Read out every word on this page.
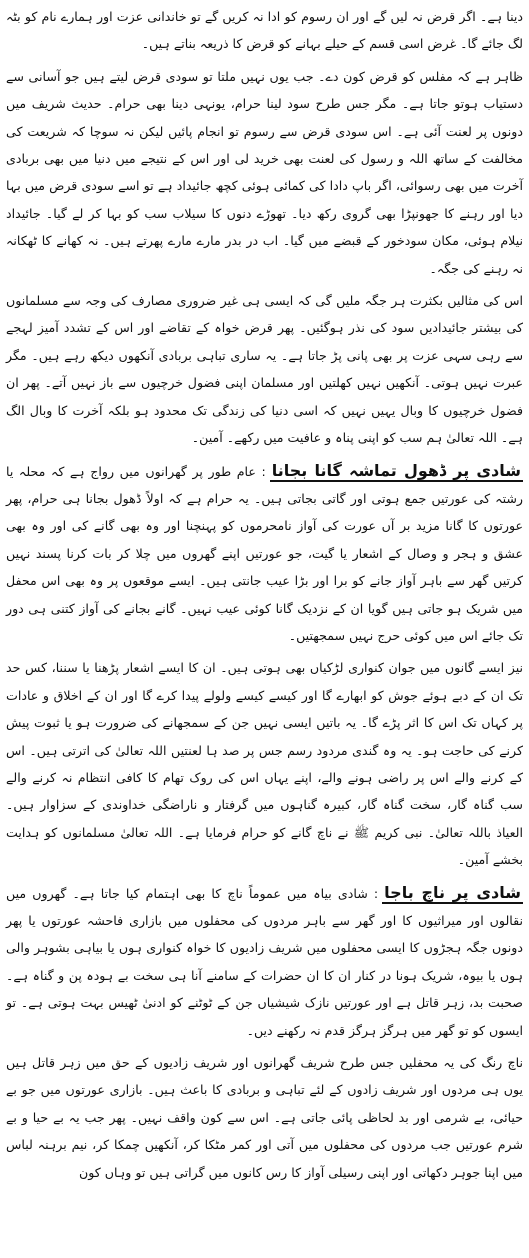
دینا ہے۔ اگر قرض نہ لیں گے اور ان رسوم کو ادا نہ کریں گے تو خاندانی عزت اور ہمارے نام کو بٹہ لگ جائے گا۔ غرض اسی قسم کے حیلے بہانے کو قرض کا ذریعہ بناتے ہیں۔

ظاہر ہے کہ مفلس کو قرض کون دے۔ جب یوں نہیں ملتا تو سودی قرض لیتے ہیں جو آسانی سے دستیاب ہوتو جاتا ہے۔ مگر جس طرح سود لینا حرام، یونہی دینا بھی حرام۔ حدیث شریف میں دونوں پر لعنت آئی ہے۔ اس سودی قرض سے رسوم تو انجام پائیں لیکن نہ سوچا کہ شریعت کی مخالفت کے ساتھ اللہ و رسول کی لعنت بھی خرید لی اور اس کے نتیجے میں دنیا میں بھی بربادی آخرت میں بھی رسوائی، اگر باپ دادا کی کمائی ہوئی کچھ جائیداد ہے تو اسے سودی قرض میں بہا دیا اور رہنے کا جھونپڑا بھی گروی رکھ دیا۔ تھوڑے دنوں کا سیلاب سب کو بہا کر لے گیا۔ جائیداد نیلام ہوئی، مکان سودخور کے قبضے میں گیا۔ اب در بدر مارے مارے پھرتے ہیں۔ نہ کھانے کا ٹھکانہ نہ رہنے کی جگہ۔

اس کی مثالیں بکثرت ہر جگہ ملیں گی کہ ایسی ہی غیر ضروری مصارف کی وجہ سے مسلمانوں کی بیشتر جائیدادیں سود کی نذر ہوگئیں۔ پھر قرض خواہ کے تقاضے اور اس کے تشدد آمیز لہجے سے رہی سہی عزت پر بھی پانی پڑ جاتا ہے۔ یہ ساری تباہی بربادی آنکھوں دیکھ رہے ہیں۔ مگر عبرت نہیں ہوتی۔ آنکھیں نہیں کھلتیں اور مسلمان اپنی فضول خرچیوں سے باز نہیں آتے۔ پھر ان فضول خرچیوں کا وبال یہیں نہیں کہ اسی دنیا کی زندگی تک محدود ہو بلکہ آخرت کا وبال الگ ہے۔ اللہ تعالیٰ ہم سب کو اپنی پناہ و عافیت میں رکھے۔ آمین۔

شادی پر ڈھول تماشہ گانا بجانا: عام طور پر گھرانوں میں رواج ہے کہ محلہ یا رشتہ کی عورتیں جمع ہوتی اور گاتی بجاتی ہیں۔ یہ حرام ہے کہ اولاً ڈھول بجانا ہی حرام، پھر عورتوں کا گانا مزید بر آں عورت کی آواز نامحرموں کو پہنچنا اور وہ بھی گانے کی اور وہ بھی عشق و ہجر و وصال کے اشعار یا گیت، جو عورتیں اپنے گھروں میں چلا کر بات کرنا پسند نہیں کرتیں گھر سے باہر آواز جانے کو برا اور بڑا عیب جانتی ہیں۔ ایسے موقعوں پر وہ بھی اس محفل میں شریک ہو جاتی ہیں گویا ان کے نزدیک گانا کوئی عیب نہیں۔ گانے بجانے کی آواز کتنی ہی دور تک جائے اس میں کوئی حرج نہیں سمجھتیں۔

نیز ایسے گانوں میں جوان کنواری لڑکیاں بھی ہوتی ہیں۔ ان کا ایسے اشعار پڑھنا یا سننا، کس حد تک ان کے دبے ہوئے جوش کو ابھارے گا اور کیسے کیسے ولولے پیدا کرے گا اور ان کے اخلاق و عادات پر کہاں تک اس کا اثر پڑے گا۔ یہ باتیں ایسی نہیں جن کے سمجھانے کی ضرورت ہو یا ثبوت پیش کرنے کی حاجت ہو۔ یہ وہ گندی مردود رسم جس پر صد ہا لعنتیں اللہ تعالیٰ کی اترتی ہیں۔ اس کے کرنے والے اس پر راضی ہونے والے، اپنے یہاں اس کی روک تھام کا کافی انتظام نہ کرنے والے سب گناہ گار، سخت گناہ گار، کبیرہ گناہوں میں گرفتار و ناراضگی خداوندی کے سزاوار ہیں۔ العیاذ باللہ تعالیٰ۔ نبی کریم ﷺ نے ناچ گانے کو حرام فرمایا ہے۔ اللہ تعالیٰ مسلمانوں کو ہدایت بخشے آمین۔

شادی پر ناچ باجا: شادی بیاہ میں عموماً ناچ کا بھی اہتمام کیا جاتا ہے۔ گھروں میں نقالوں اور میراثیوں کا اور گھر سے باہر مردوں کی محفلوں میں بازاری فاحشہ عورتوں یا پھر دونوں جگہ ہجڑوں کا ایسی محفلوں میں شریف زادیوں کا خواہ کنواری ہوں یا بیاہی بشوہر والی ہوں یا بیوہ، شریک ہونا در کنار ان کا ان حضرات کے سامنے آنا ہی سخت بے ہودہ پن و گناہ ہے۔ صحبت بد، زہر قاتل ہے اور عورتیں نازک شیشیاں جن کے ٹوٹنے کو ادنیٰ ٹھیس بہت ہوتی ہے۔ تو ایسوں کو تو گھر میں ہرگز ہرگز قدم نہ رکھنے دیں۔

ناچ رنگ کی یہ محفلیں جس طرح شریف گھرانوں اور شریف زادیوں کے حق میں زہر قاتل ہیں یوں ہی مردوں اور شریف زادوں کے لئے تباہی و بربادی کا باعث ہیں۔ بازاری عورتوں میں جو بے حیائی، بے شرمی اور بد لحاظی پائی جاتی ہے۔ اس سے کون واقف نہیں۔ پھر جب یہ بے حیا و بے شرم عورتیں جب مردوں کی محفلوں میں آتی اور کمر مٹکا کر، آنکھیں چمکا کر، نیم برہنہ لباس میں اپنا جوہر دکھاتی اور اپنی رسیلی آواز کا رس کانوں میں گراتی ہیں تو وہاں کون
